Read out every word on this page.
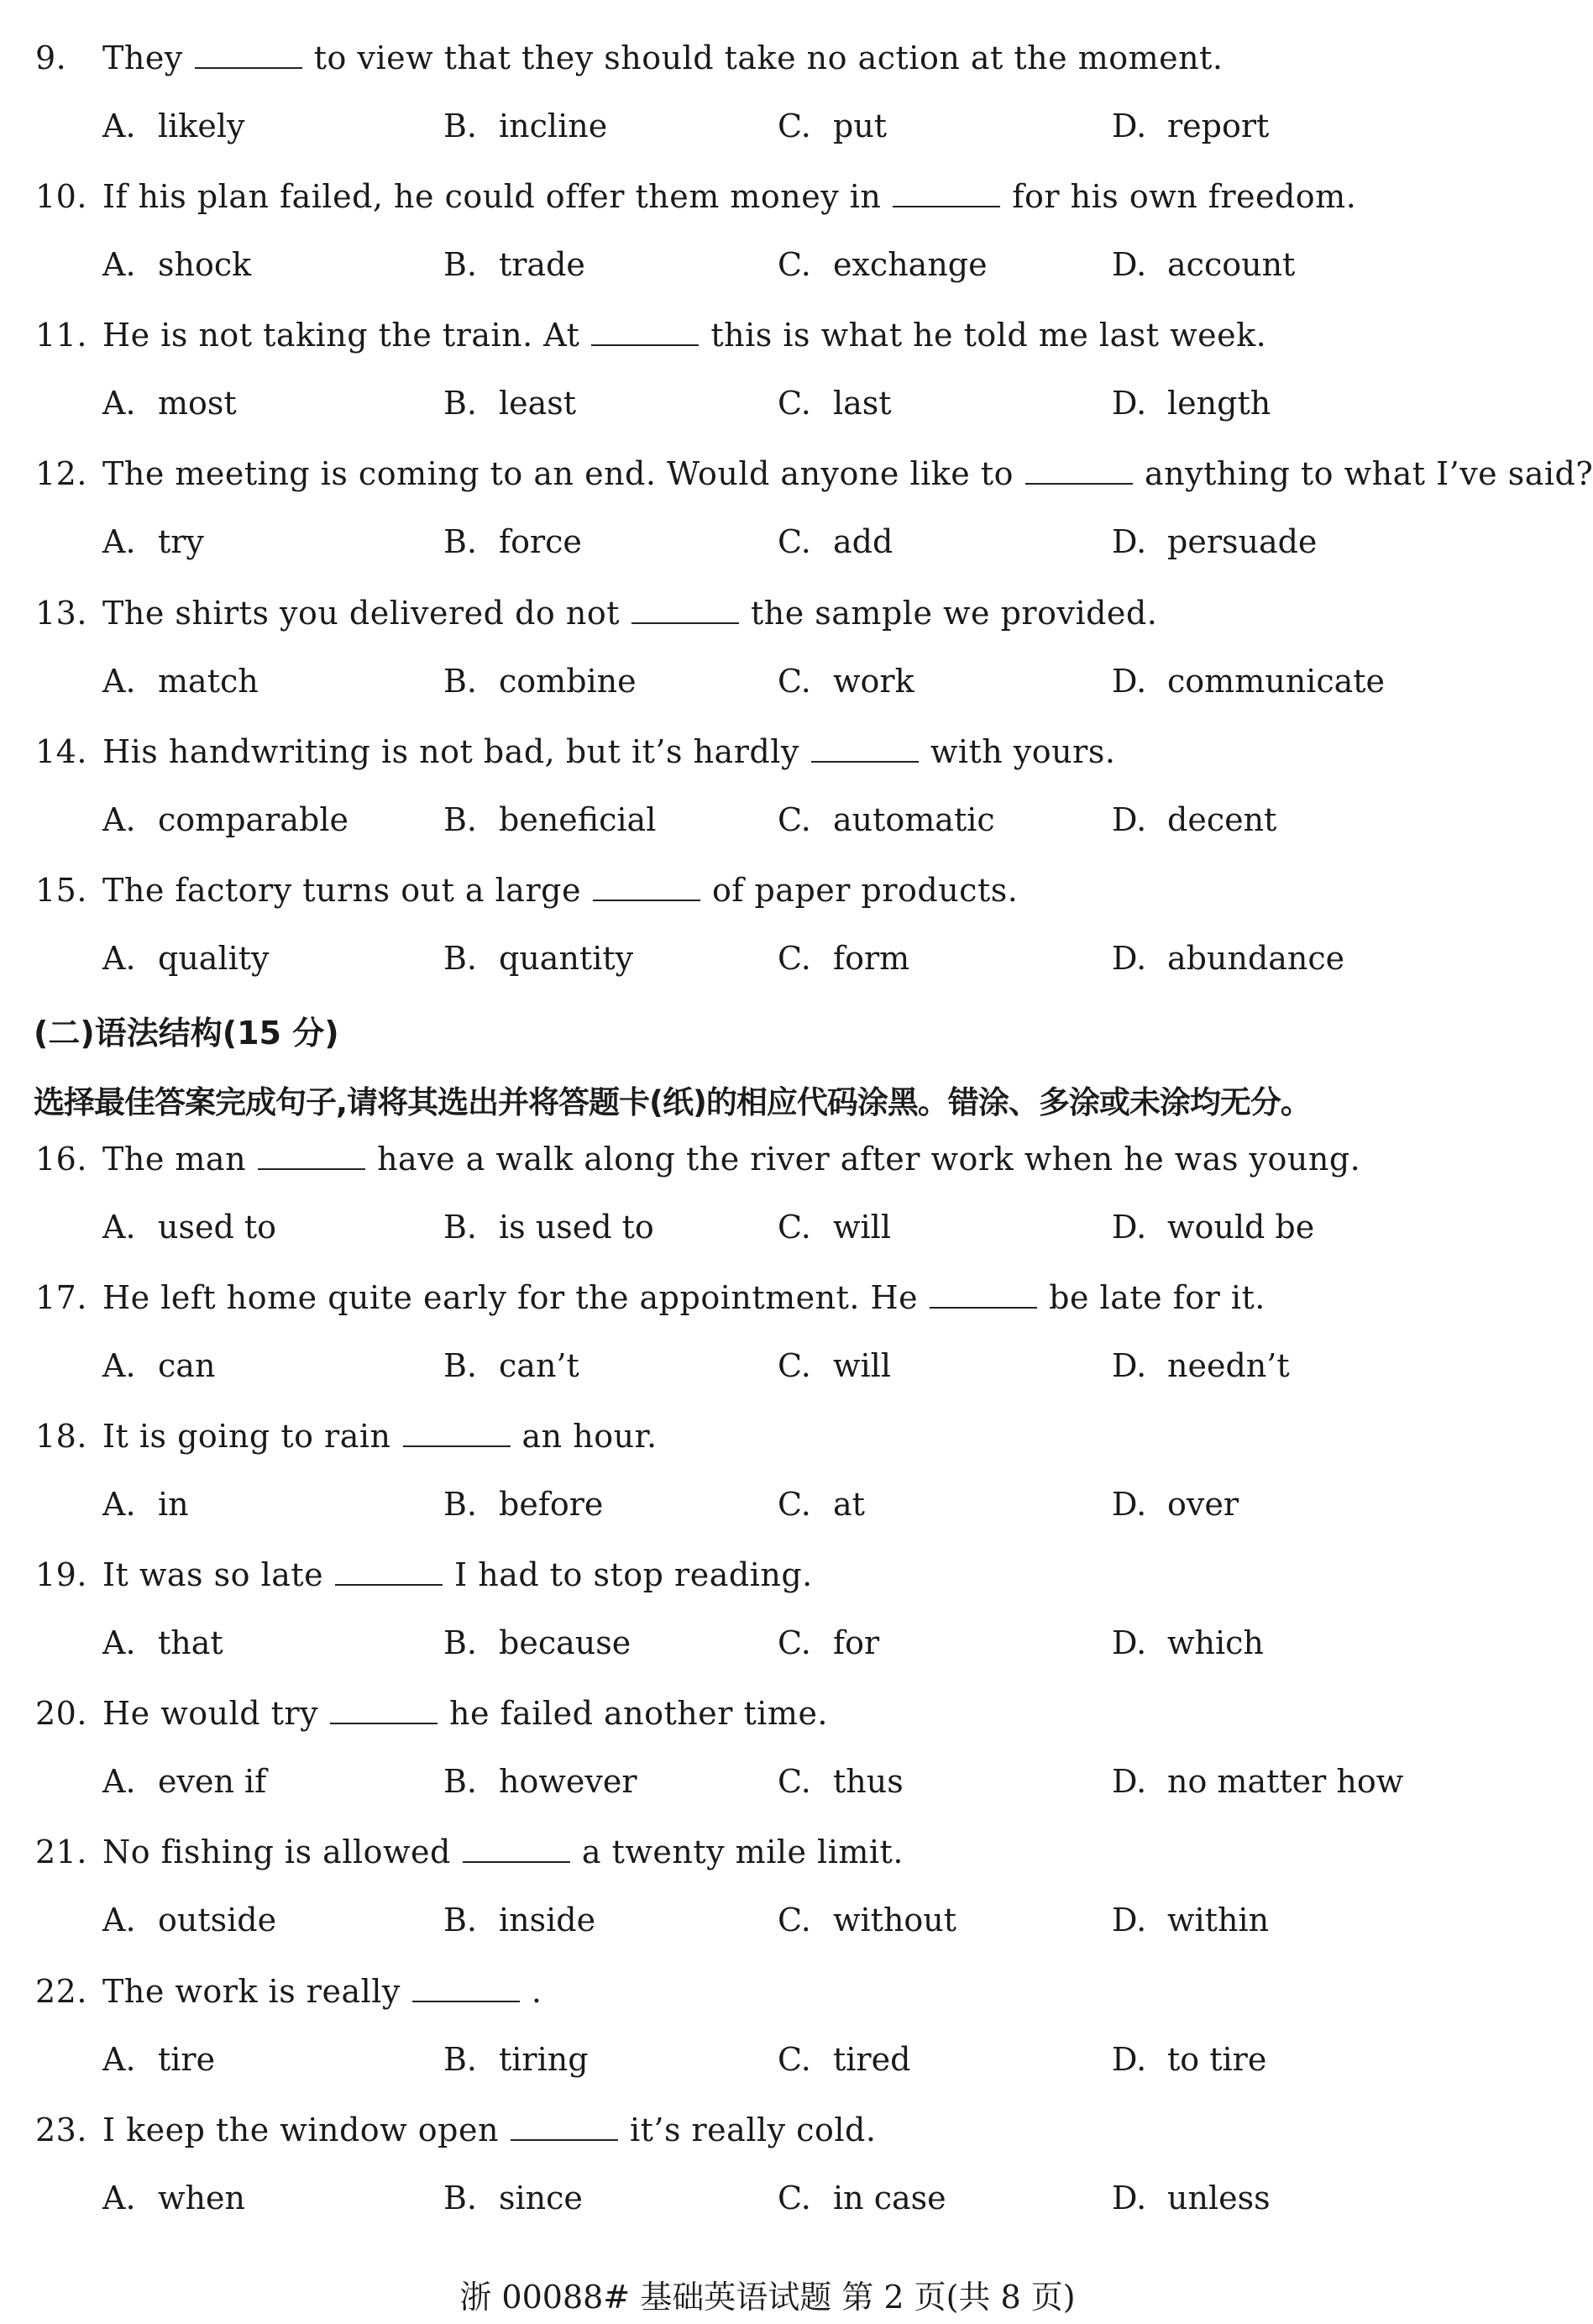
9. They	to view that they should take no action at the moment.
A. likely	B. incline	C. put	D. report
10. If his plan failed, he could offer them money in	for his own freedom.
A. shock	B. trade	C. exchange	D. account
11. He is not taking the train. At	this is what he told me last week.
A. most	B. least	C. last	D. length
12. The meeting is coming to an end. Would anyone like to	anything to what I’ve said?
A. try	B. force	C. add	D. persuade
13. The shirts you delivered do not	the sample we provided.
A. match	B. combine	C. work	D. communicate
14. His handwriting is not bad, but it’s hardly	with yours.
A. comparable	B. beneficial	C. automatic	D. decent
15. The factory turns out a large	of paper products.
A. quality	B. quantity	C. form	D. abundance
16. The man	have a walk along the river after work when he was young.
A. used to	B. is used to	C. will	D. would be
17. He left home quite early for the appointment. He	be late for it.
A. can	B. can’t	C. will	D. needn’t
18. It is going to rain	an hour.
A. in	B. before	C. at	D. over
19. It was so late	I had to stop reading.
A. that	B. because	C. for	D. which
20. He would try	he failed another time.
A. even if	B. however	C. thus	D. no matter how
21. No fishing is allowed	a twenty mile limit.
A. outside	B. inside	C. without	D. within
22. The work is really	.
A. tire	B. tiring	C. tired	D. to tire
23. I keep the window open	it’s really cold.
A. when	B. since	C. in case	D. unless
(二)语法结构(15 分)
选择最佳答案完成句子,请将其选出并将答题卡(纸)的相应代码涂黑。错涂、多涂或未涂均无分。
浙 00088# 基础英语试题 第 2 页(共 8 页)
